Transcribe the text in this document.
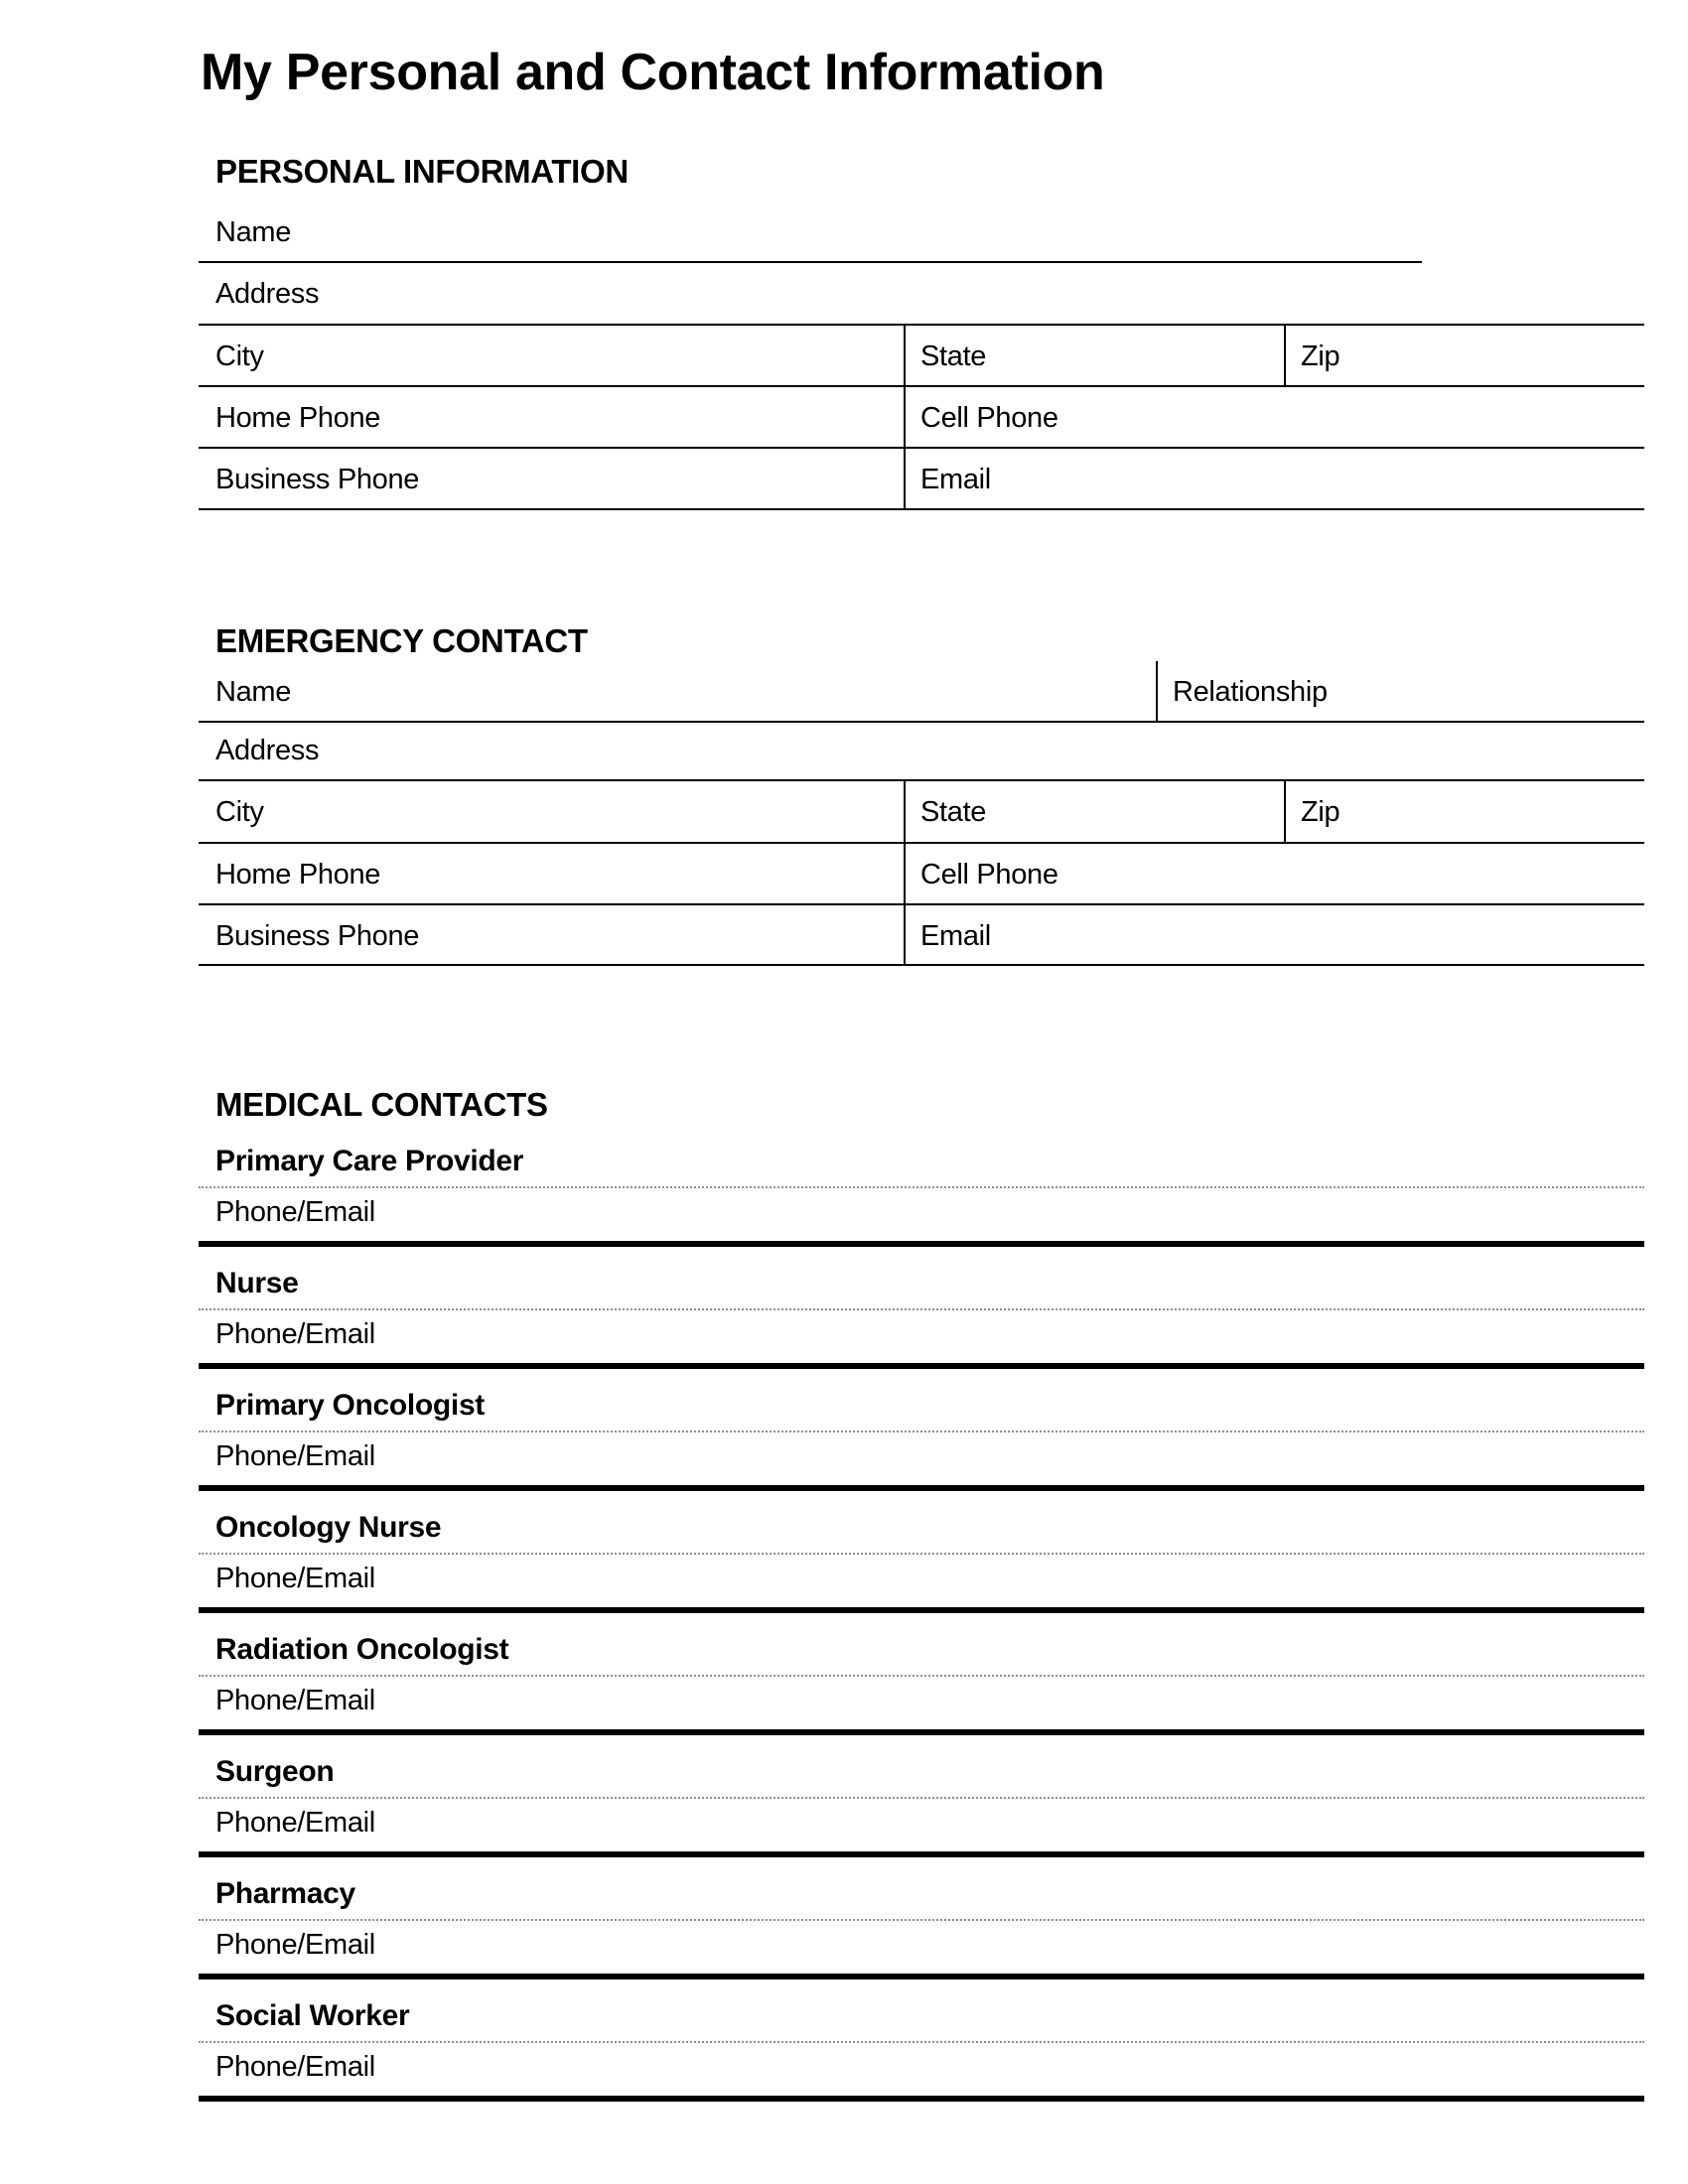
My Personal and Contact Information
PERSONAL INFORMATION
Name
Address
City	State	Zip
Home Phone	Cell Phone
Business Phone	Email
EMERGENCY CONTACT
Name	Relationship
Address
City	State	Zip
Home Phone	Cell Phone
Business Phone	Email
MEDICAL CONTACTS
Primary Care Provider
Phone/Email
Nurse
Phone/Email
Primary Oncologist
Phone/Email
Oncology Nurse
Phone/Email
Radiation Oncologist
Phone/Email
Surgeon
Phone/Email
Pharmacy
Phone/Email
Social Worker
Phone/Email
